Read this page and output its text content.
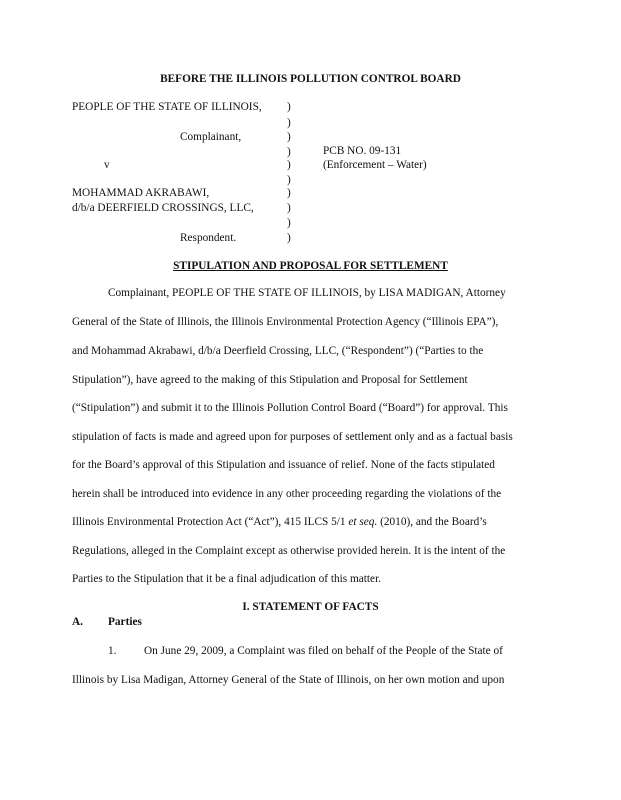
BEFORE THE ILLINOIS POLLUTION CONTROL BOARD
PEOPLE OF THE STATE OF ILLINOIS,
Complainant,
v
MOHAMMAD AKRABAWI,
d/b/a DEERFIELD CROSSINGS, LLC,
Respondent.
)
)
)
)
)
)
)
)
)
)
PCB NO. 09-131
(Enforcement – Water)
STIPULATION AND PROPOSAL FOR SETTLEMENT
Complainant, PEOPLE OF THE STATE OF ILLINOIS, by LISA MADIGAN, Attorney
General of the State of Illinois, the Illinois Environmental Protection Agency (“Illinois EPA”),
and Mohammad Akrabawi, d/b/a Deerfield Crossing, LLC, (“Respondent”) (“Parties to the
Stipulation”), have agreed to the making of this Stipulation and Proposal for Settlement
(“Stipulation”) and submit it to the Illinois Pollution Control Board (“Board”) for approval. This
stipulation of facts is made and agreed upon for purposes of settlement only and as a factual basis
for the Board’s approval of this Stipulation and issuance of relief. None of the facts stipulated
herein shall be introduced into evidence in any other proceeding regarding the violations of the
Illinois Environmental Protection Act (“Act”), 415 ILCS 5/1 et seq. (2010), and the Board’s
Regulations, alleged in the Complaint except as otherwise provided herein. It is the intent of the
Parties to the Stipulation that it be a final adjudication of this matter.
I. STATEMENT OF FACTS
A. Parties
1. On June 29, 2009, a Complaint was filed on behalf of the People of the State of
Illinois by Lisa Madigan, Attorney General of the State of Illinois, on her own motion and upon
